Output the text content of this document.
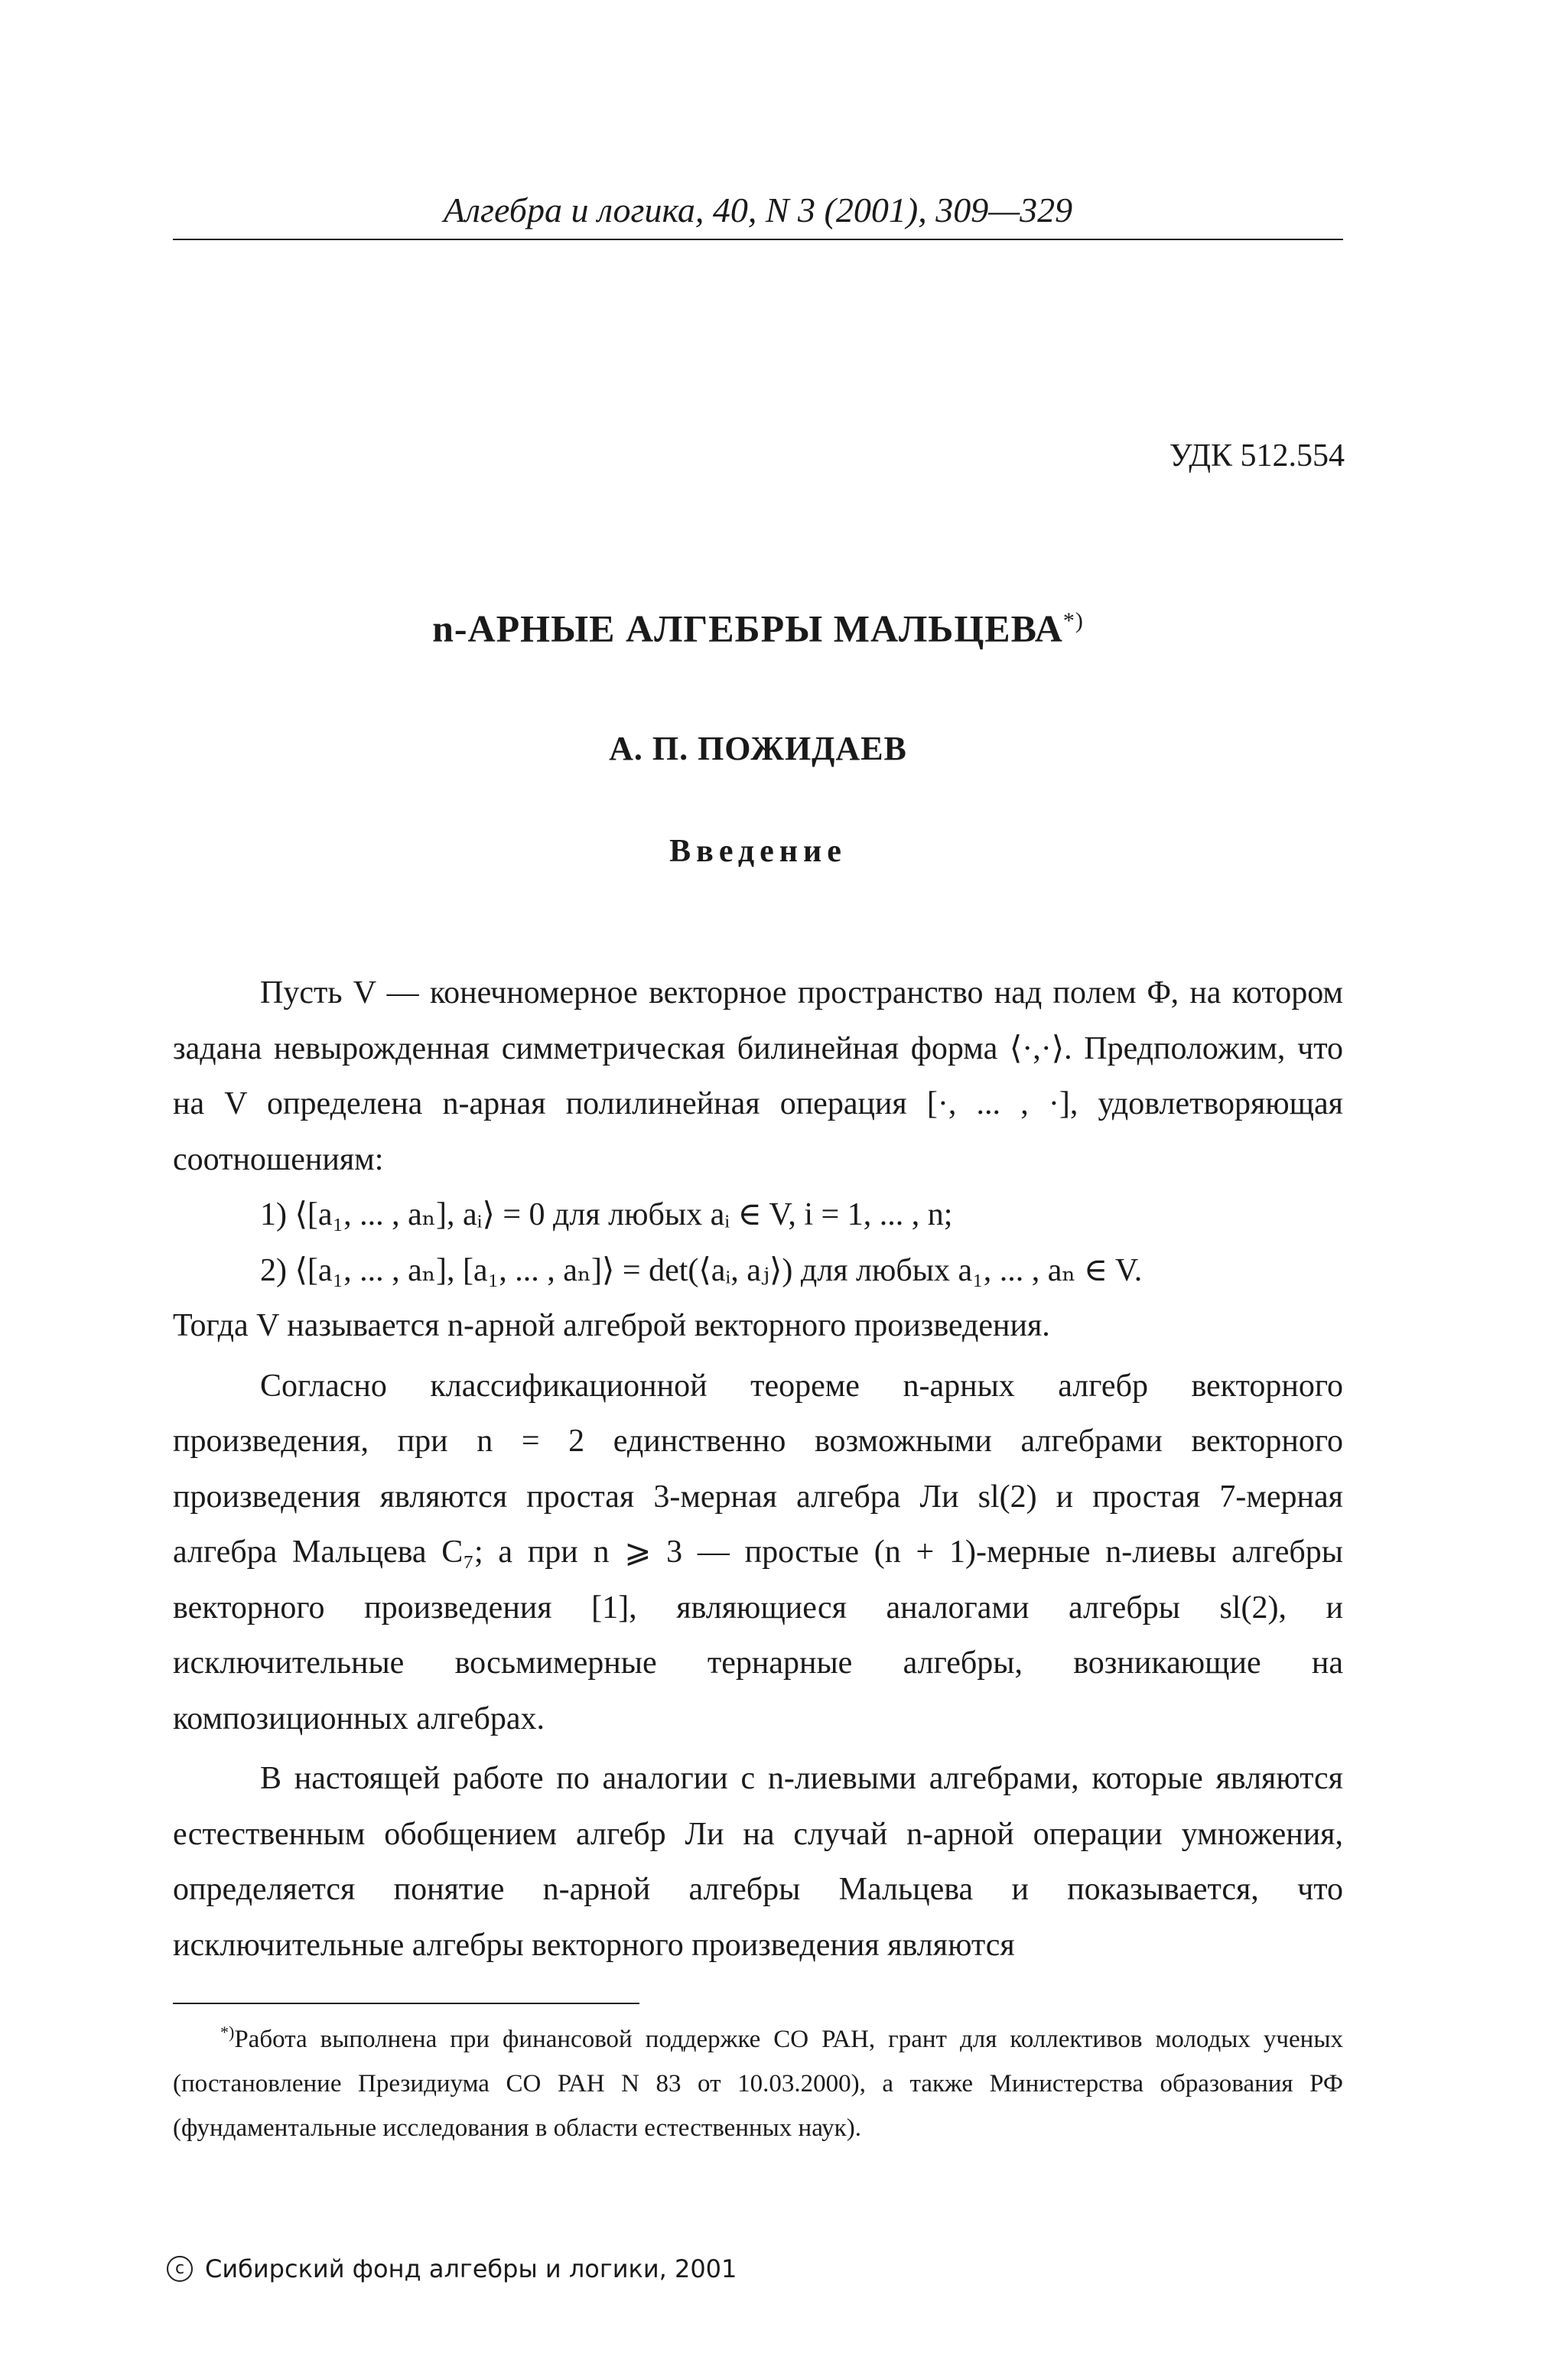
Алгебра и логика, 40, N 3 (2001), 309—329
УДК 512.554
n-АРНЫЕ АЛГЕБРЫ МАЛЬЦЕВА*)
А. П. ПОЖИДАЕВ
Введение

Пусть V — конечномерное векторное пространство над полем Φ, на котором задана невырожденная симметрическая билинейная форма ⟨·,·⟩. Предположим, что на V определена n-арная полилинейная операция [·, ... , ·], удовлетворяющая соотношениям:

1) ⟨[a₁, ... , aₙ], aᵢ⟩ = 0 для любых aᵢ ∈ V, i = 1, ... , n;

2) ⟨[a₁, ... , aₙ], [a₁, ... , aₙ]⟩ = det(⟨aᵢ, aⱼ⟩) для любых a₁, ... , aₙ ∈ V.

Тогда V называется n-арной алгеброй векторного произведения.

Согласно классификационной теореме n-арных алгебр векторного произведения, при n = 2 единственно возможными алгебрами векторного произведения являются простая 3-мерная алгебра Ли sl(2) и простая 7-мерная алгебра Мальцева C₇; а при n ⩾ 3 — простые (n + 1)-мерные n-лиевы алгебры векторного произведения [1], являющиеся аналогами алгебры sl(2), и исключительные восьмимерные тернарные алгебры, возникающие на композиционных алгебрах.

В настоящей работе по аналогии с n-лиевыми алгебрами, которые являются естественным обобщением алгебр Ли на случай n-арной операции умножения, определяется понятие n-арной алгебры Мальцева и показывается, что исключительные алгебры векторного произведения являются

*)Работа выполнена при финансовой поддержке СО РАН, грант для коллективов молодых ученых (постановление Президиума СО РАН N 83 от 10.03.2000), а также Министерства образования РФ (фундаментальные исследования в области естественных наук).

c Сибирский фонд алгебры и логики, 2001
